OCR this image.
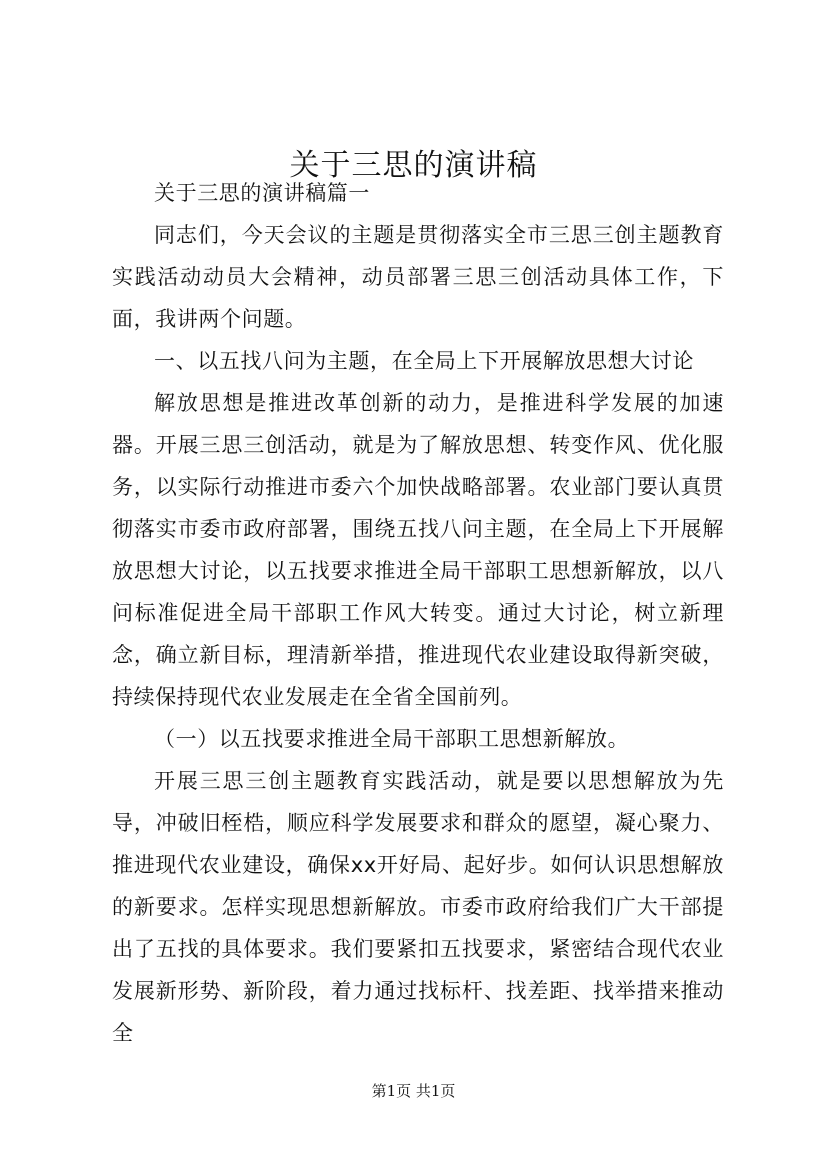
关于三思的演讲稿

关于三思的演讲稿篇一

同志们，今天会议的主题是贯彻落实全市三思三创主题教育实践活动动员大会精神，动员部署三思三创活动具体工作，下面，我讲两个问题。

一、以五找八问为主题，在全局上下开展解放思想大讨论

解放思想是推进改革创新的动力，是推进科学发展的加速器。开展三思三创活动，就是为了解放思想、转变作风、优化服务，以实际行动推进市委六个加快战略部署。农业部门要认真贯彻落实市委市政府部署，围绕五找八问主题，在全局上下开展解放思想大讨论，以五找要求推进全局干部职工思想新解放，以八问标准促进全局干部职工作风大转变。通过大讨论，树立新理念，确立新目标，理清新举措，推进现代农业建设取得新突破，持续保持现代农业发展走在全省全国前列。

（一）以五找要求推进全局干部职工思想新解放。

开展三思三创主题教育实践活动，就是要以思想解放为先导，冲破旧桎梏，顺应科学发展要求和群众的愿望，凝心聚力、推进现代农业建设，确保xx开好局、起好步。如何认识思想解放的新要求。怎样实现思想新解放。市委市政府给我们广大干部提出了五找的具体要求。我们要紧扣五找要求，紧密结合现代农业发展新形势、新阶段，着力通过找标杆、找差距、找举措来推动全

第1页 共1页
